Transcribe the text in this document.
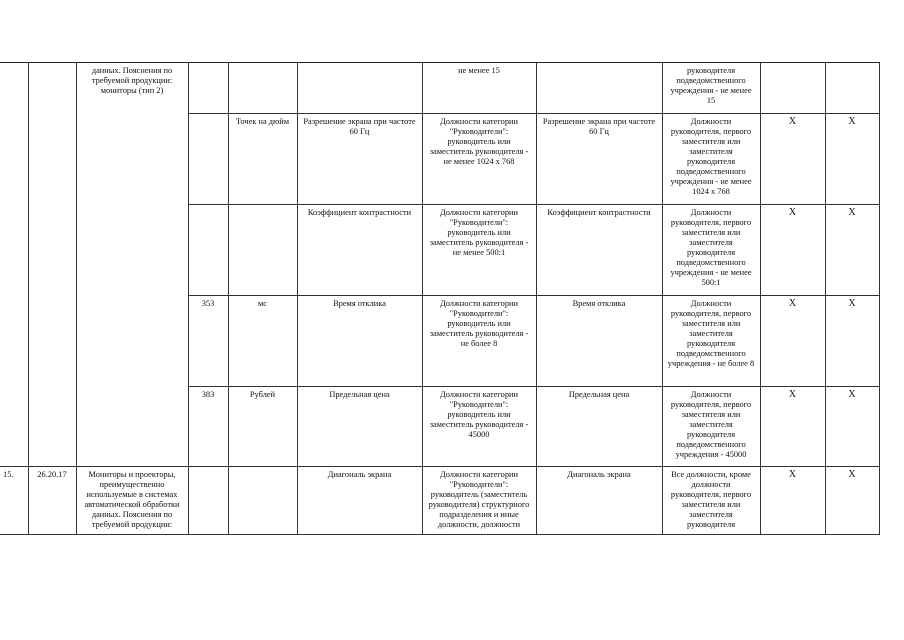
		данных. Пояснения по требуемой продукции: мониторы (тип 2)				не менее 15		руководителя подведомственного учреждения - не менее 15		
				Точек на дюйм	Разрешение экрана при частоте 60 Гц	Должности категории "Руководители": руководитель или заместитель руководителя - не менее 1024 x 768	Разрешение экрана при частоте 60 Гц	Должности руководителя, первого заместителя или заместителя руководителя подведомственного учреждения - не менее 1024 x 768	X	X
					Коэффициент контрастности	Должности категории "Руководители": руководитель или заместитель руководителя - не менее 500:1	Коэффициент контрастности	Должности руководителя, первого заместителя или заместителя руководителя подведомственного учреждения - не менее 500:1	X	X
			353	мс	Время отклика	Должности категории "Руководители": руководитель или заместитель руководителя - не более 8	Время отклика	Должности руководителя, первого заместителя или заместителя руководителя подведомственного учреждения - не более 8	X	X
			383	Рублей	Предельная цена	Должности категории "Руководители": руководитель или заместитель руководителя - 45000	Предельная цена	Должности руководителя, первого заместителя или заместителя руководителя подведомственного учреждения - 45000	X	X
15.	26.20.17	Мониторы и проекторы, преимущественно используемые в системах автоматической обработки данных. Пояснения по требуемой продукции:			Диагональ экрана	Должности категории "Руководители": руководитель (заместитель руководителя) структурного подразделения и иные должности, должности	Диагональ экрана	Все должности, кроме должности руководителя, первого заместителя или заместителя руководителя	X	X
